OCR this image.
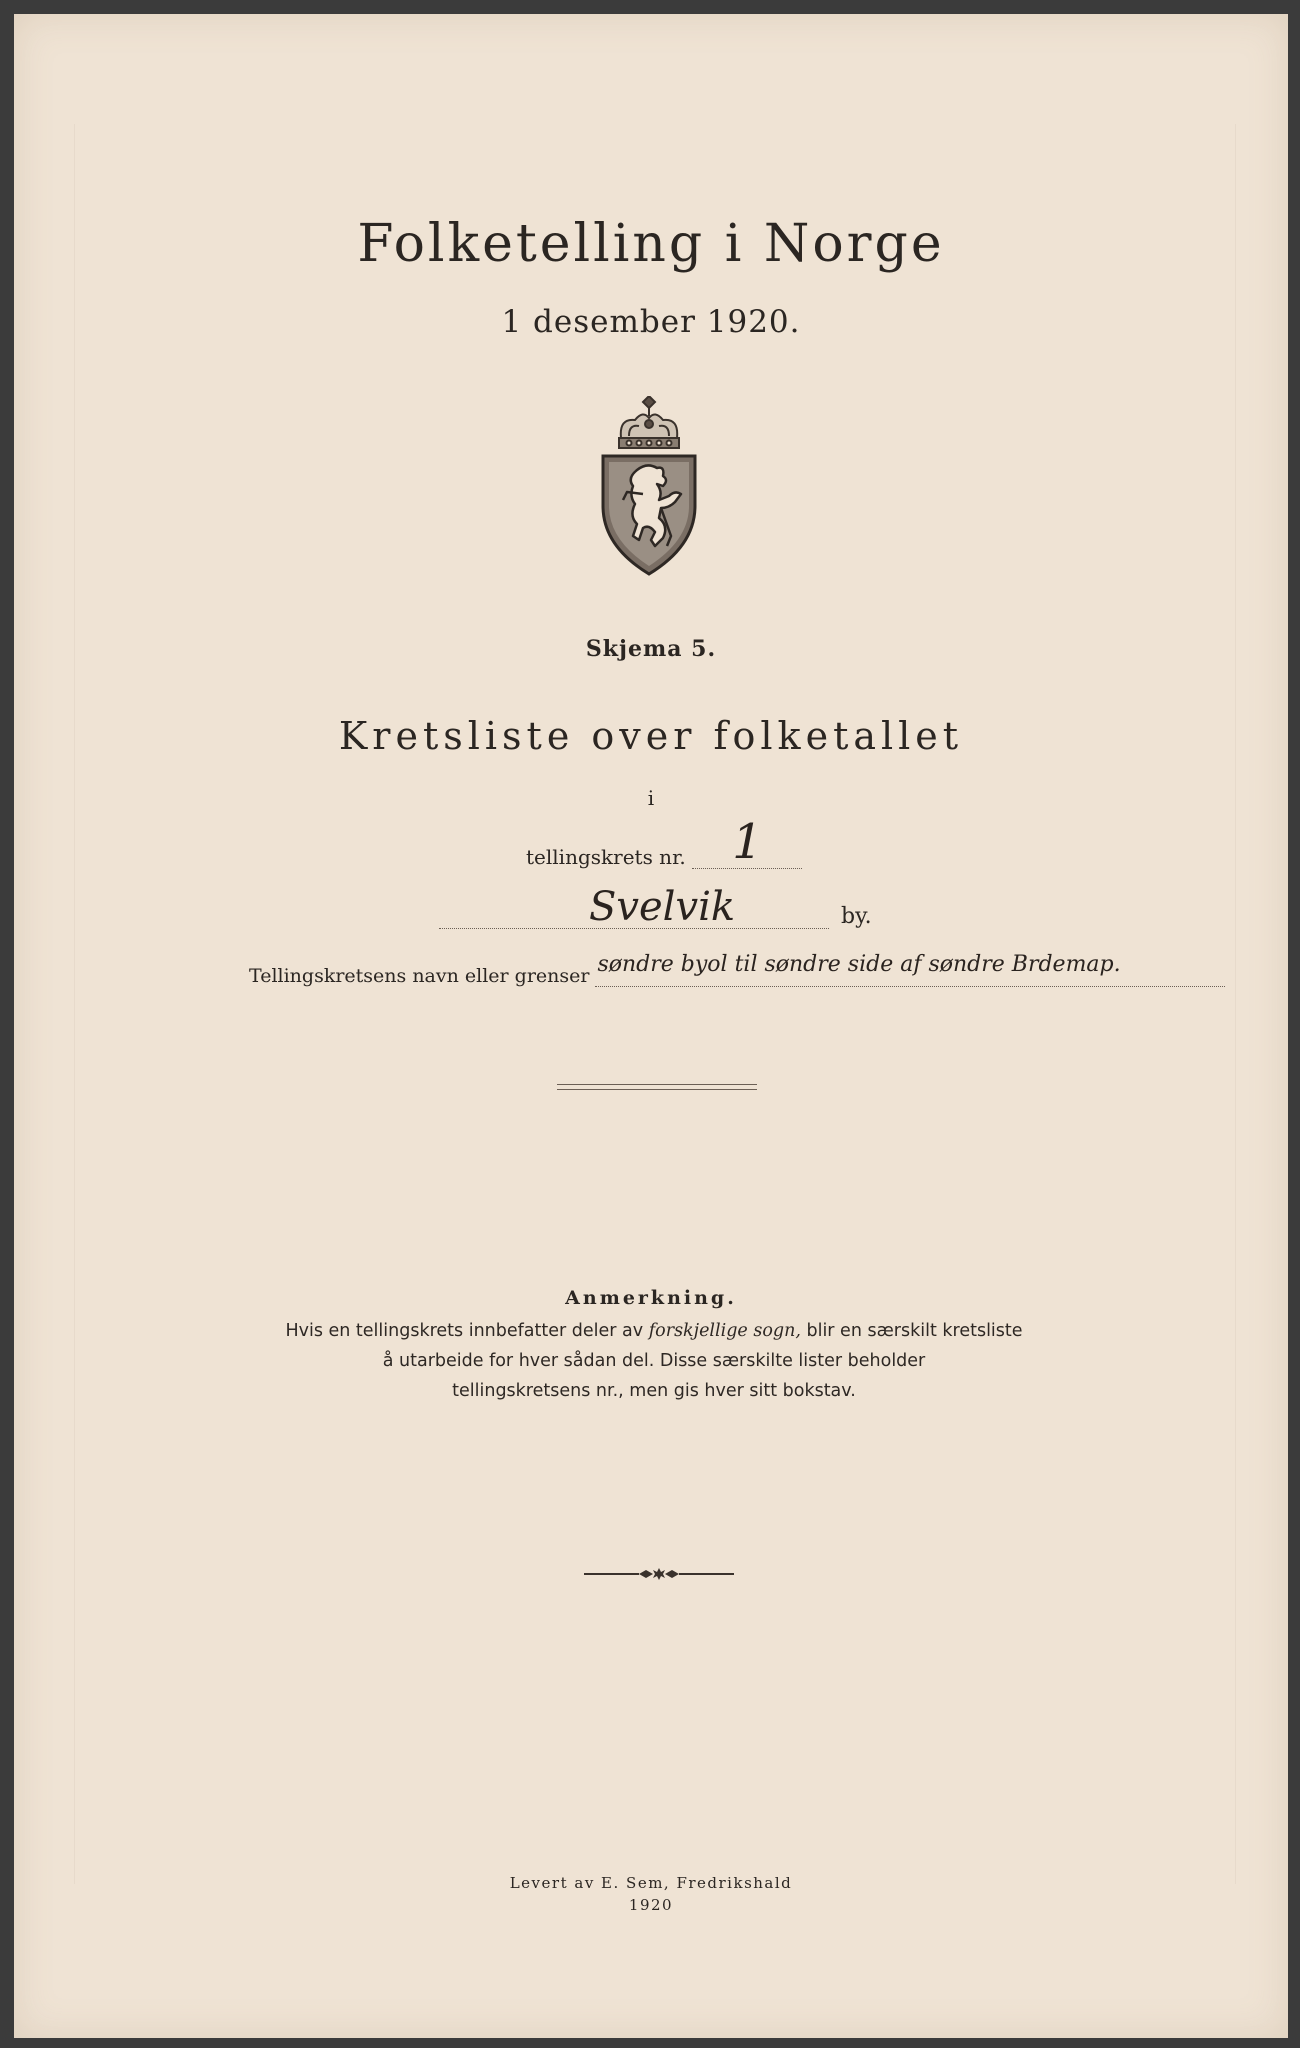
Folketelling i Norge
1 desember 1920.
Skjema 5.
Kretsliste over folketallet
i
tellingskrets nr. 1
Svelvik	by.
Tellingskretsens navn eller grenser søndre byol til søndre side af søndre Brdemap.
Anmerkning.
Hvis en tellingskrets innbefatter deler av forskjellige sogn, blir en særskilt kretsliste
å utarbeide for hver sådan del. Disse særskilte lister beholder
tellingskretsens nr., men gis hver sitt bokstav.
Levert av E. Sem, Fredrikshald
1920
